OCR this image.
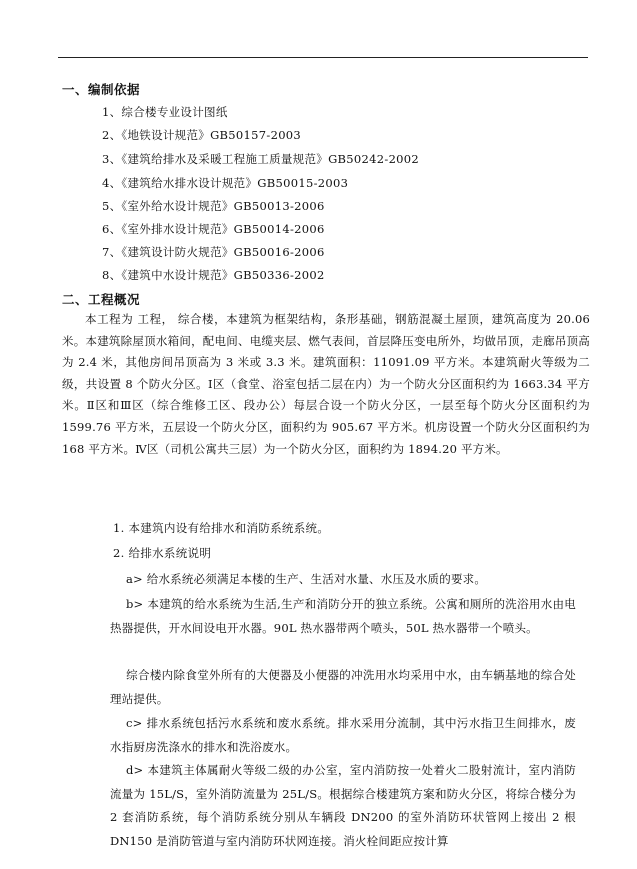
一、编制依据
1、综合楼专业设计图纸
2、《地铁设计规范》GB50157-2003
3、《建筑给排水及采暖工程施工质量规范》GB50242-2002
4、《建筑给水排水设计规范》GB50015-2003
5、《室外给水设计规范》GB50013-2006
6、《室外排水设计规范》GB50014-2006
7、《建筑设计防火规范》GB50016-2006
8、《建筑中水设计规范》GB50336-2002
二、工程概况

本工程为 工程， 综合楼，本建筑为框架结构，条形基础，钢筋混凝土屋顶，建筑高度为 20.06 米。本建筑除屋顶水箱间，配电间、电缆夹层、燃气表间，首层降压变电所外，均做吊顶，走廊吊顶高为 2.4 米，其他房间吊顶高为 3 米或 3.3 米。建筑面积：11091.09 平方米。本建筑耐火等级为二级，共设置 8 个防火分区。Ⅰ区（食堂、浴室包括二层在内）为一个防火分区面积约为 1663.34 平方米。Ⅱ区和Ⅲ区（综合维修工区、段办公）每层合设一个防火分区，一层至每个防火分区面积约为 1599.76 平方米，五层设一个防火分区，面积约为 905.67 平方米。机房设置一个防火分区面积约为 168 平方米。Ⅳ区（司机公寓共三层）为一个防火分区，面积约为 1894.20 平方米。

1. 本建筑内设有给排水和消防系统系统。
2. 给排水系统说明
a> 给水系统必须满足本楼的生产、生活对水量、水压及水质的要求。
b> 本建筑的给水系统为生活,生产和消防分开的独立系统。公寓和厕所的洗浴用水由电热器提供，开水间设电开水器。90L 热水器带两个喷头，50L 热水器带一个喷头。
综合楼内除食堂外所有的大便器及小便器的冲洗用水均采用中水，由车辆基地的综合处理站提供。
c> 排水系统包括污水系统和废水系统。排水采用分流制，其中污水指卫生间排水，废水指厨房洗涤水的排水和洗浴废水。
d> 本建筑主体属耐火等级二级的办公室，室内消防按一处着火二股射流计，室内消防流量为 15L/S，室外消防流量为 25L/S。根据综合楼建筑方案和防火分区，将综合楼分为 2 套消防系统，每个消防系统分别从车辆段 DN200 的室外消防环状管网上接出 2 根 DN150 是消防管道与室内消防环状网连接。消火栓间距应按计算
